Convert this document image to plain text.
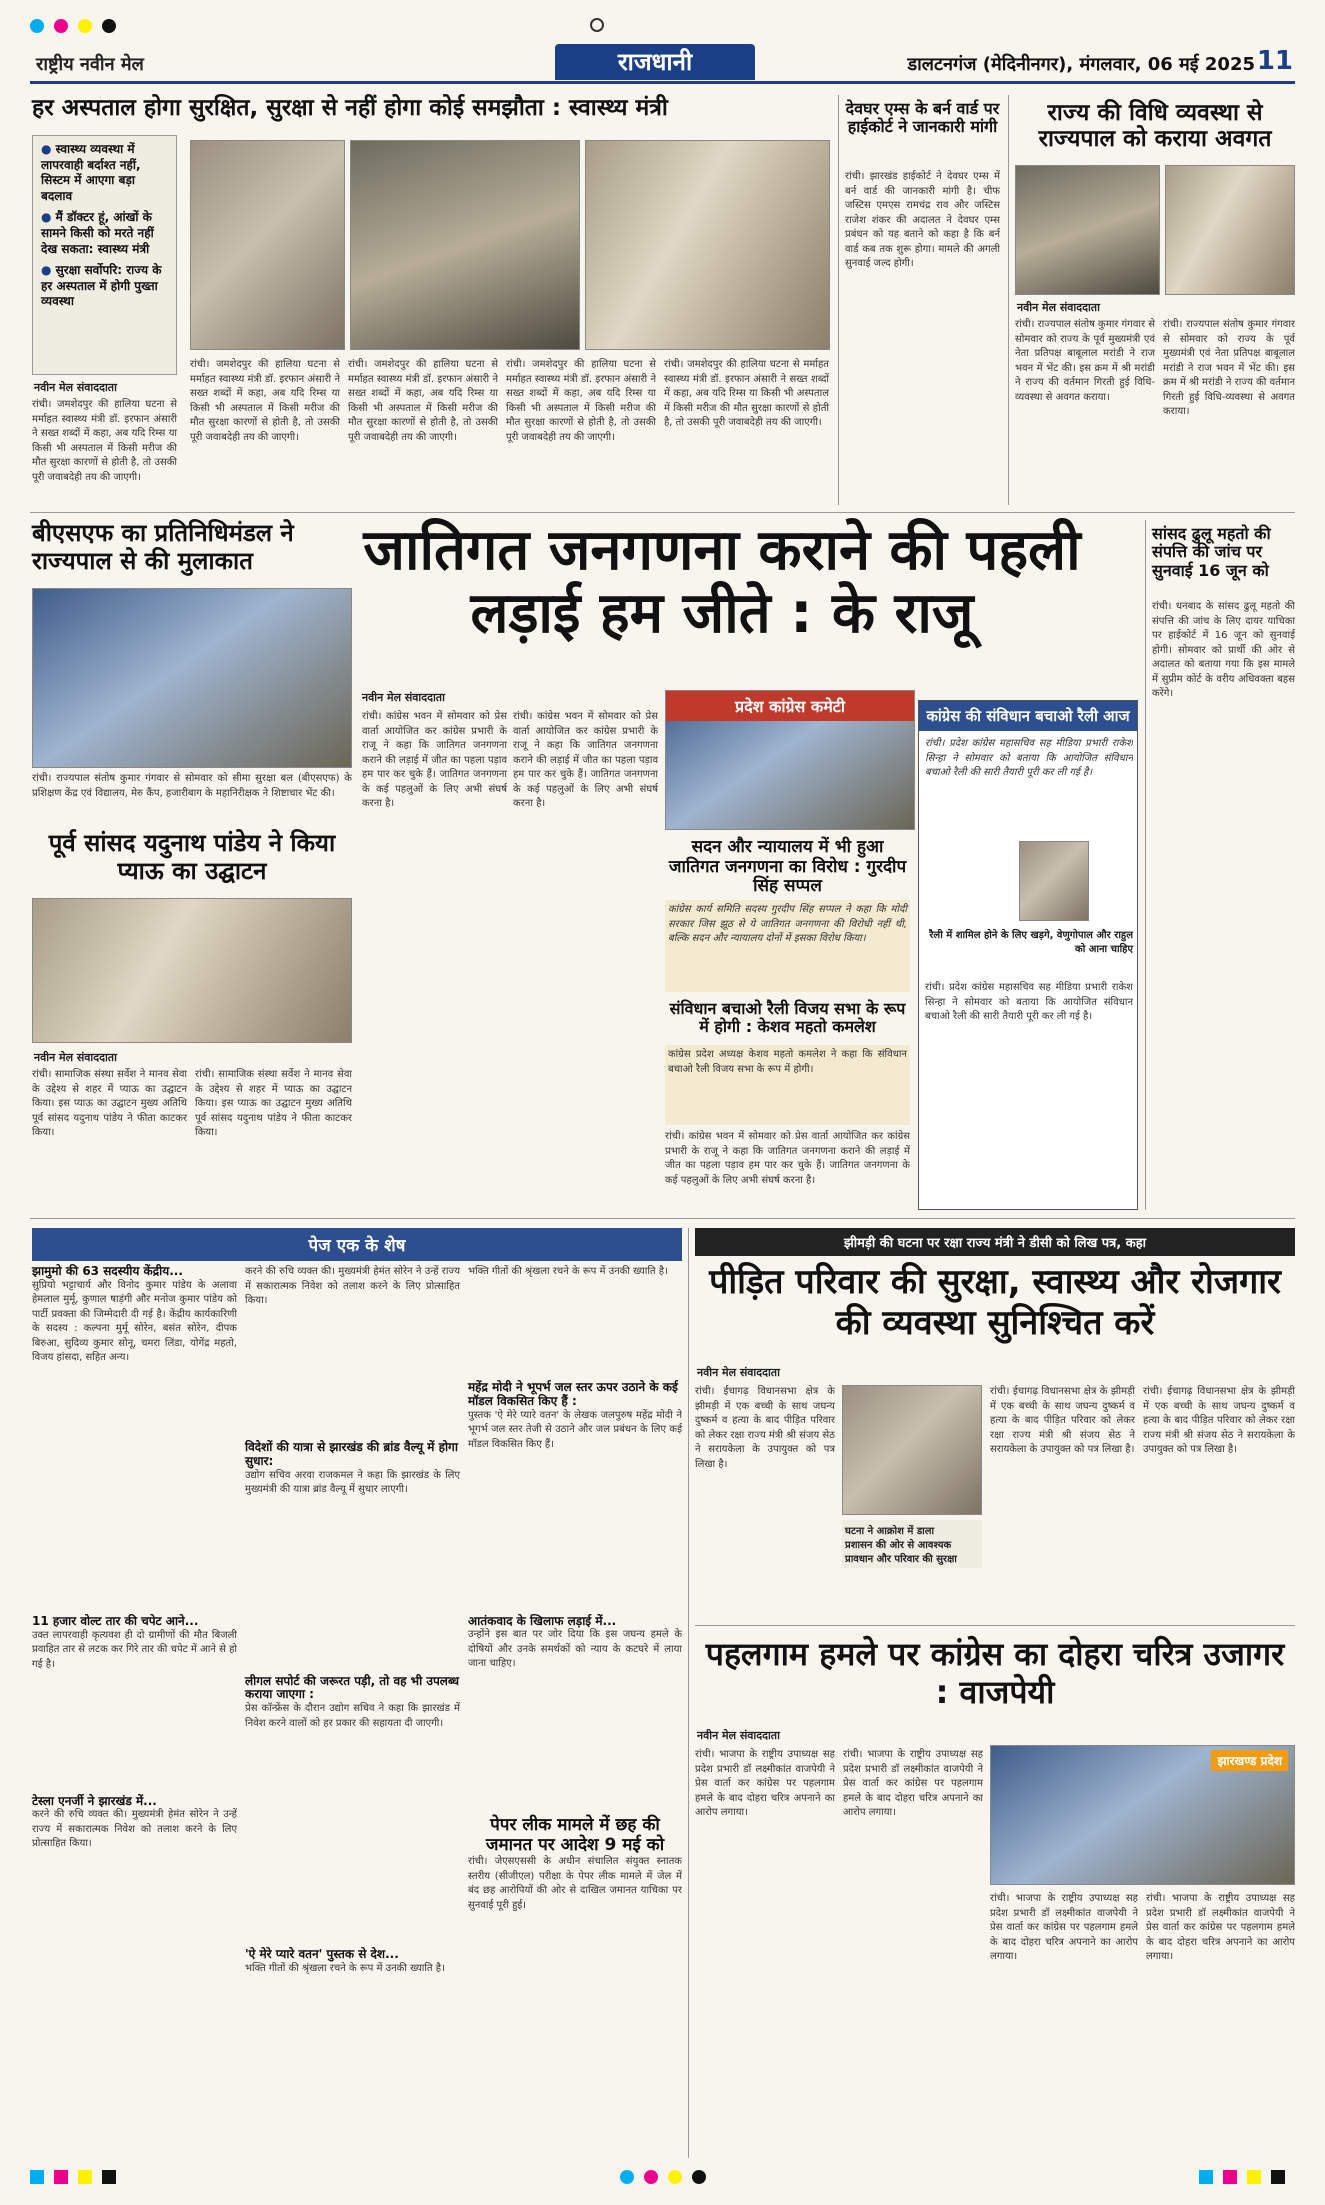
राष्ट्रीय नवीन मेल	राजधानी	डालटनगंज (मेदिनीनगर), मंगलवार, 06 मई 2025 11
हर अस्पताल होगा सुरक्षित, सुरक्षा से नहीं होगा कोई समझौता : स्वास्थ्य मंत्री
● स्वास्थ्य व्यवस्था में लापरवाही बर्दाश्त नहीं, सिस्टम में आएगा बड़ा बदलाव
● मैं डॉक्टर हूं, आंखों के सामने किसी को मरते नहीं देख सकता: स्वास्थ्य मंत्री
● सुरक्षा सर्वोपरि: राज्य के हर अस्पताल में होगी पुख्ता व्यवस्था
नवीन मेल संवाददाता
रांची। जमशेदपुर की हालिया घटना से मर्माहत स्वास्थ्य मंत्री डॉ. इरफान अंसारी ने सख्त शब्दों में कहा, अब यदि रिम्स या किसी भी अस्पताल में किसी मरीज की मौत सुरक्षा कारणों से होती है, तो उसकी पूरी जवाबदेही तय की जाएगी।
रांची। जमशेदपुर की हालिया घटना से मर्माहत स्वास्थ्य मंत्री डॉ. इरफान अंसारी ने सख्त शब्दों में कहा, अब यदि रिम्स या किसी भी अस्पताल में किसी मरीज की मौत सुरक्षा कारणों से होती है, तो उसकी पूरी जवाबदेही तय की जाएगी।
रांची। जमशेदपुर की हालिया घटना से मर्माहत स्वास्थ्य मंत्री डॉ. इरफान अंसारी ने सख्त शब्दों में कहा, अब यदि रिम्स या किसी भी अस्पताल में किसी मरीज की मौत सुरक्षा कारणों से होती है, तो उसकी पूरी जवाबदेही तय की जाएगी।
रांची। जमशेदपुर की हालिया घटना से मर्माहत स्वास्थ्य मंत्री डॉ. इरफान अंसारी ने सख्त शब्दों में कहा, अब यदि रिम्स या किसी भी अस्पताल में किसी मरीज की मौत सुरक्षा कारणों से होती है, तो उसकी पूरी जवाबदेही तय की जाएगी।
रांची। जमशेदपुर की हालिया घटना से मर्माहत स्वास्थ्य मंत्री डॉ. इरफान अंसारी ने सख्त शब्दों में कहा, अब यदि रिम्स या किसी भी अस्पताल में किसी मरीज की मौत सुरक्षा कारणों से होती है, तो उसकी पूरी जवाबदेही तय की जाएगी।
देवघर एम्स के बर्न वार्ड पर हाईकोर्ट ने जानकारी मांगी
रांची। झारखंड हाईकोर्ट ने देवघर एम्स में बर्न वार्ड की जानकारी मांगी है। चीफ जस्टिस एमएस रामचंद्र राव और जस्टिस राजेश शंकर की अदालत ने देवघर एम्स प्रबंधन को यह बताने को कहा है कि बर्न वार्ड कब तक शुरू होगा। मामले की अगली सुनवाई जल्द होगी।
राज्य की विधि व्यवस्था से राज्यपाल को कराया अवगत
नवीन मेल संवाददाता
रांची। राज्यपाल संतोष कुमार गंगवार से सोमवार को राज्य के पूर्व मुख्यमंत्री एवं नेता प्रतिपक्ष बाबूलाल मरांडी ने राज भवन में भेंट की। इस क्रम में श्री मरांडी ने राज्य की वर्तमान गिरती हुई विधि-व्यवस्था से अवगत कराया।
रांची। राज्यपाल संतोष कुमार गंगवार से सोमवार को राज्य के पूर्व मुख्यमंत्री एवं नेता प्रतिपक्ष बाबूलाल मरांडी ने राज भवन में भेंट की। इस क्रम में श्री मरांडी ने राज्य की वर्तमान गिरती हुई विधि-व्यवस्था से अवगत कराया।
बीएसएफ का प्रतिनिधिमंडल ने राज्यपाल से की मुलाकात
रांची। राज्यपाल संतोष कुमार गंगवार से सोमवार को सीमा सुरक्षा बल (बीएसएफ) के प्रशिक्षण केंद्र एवं विद्यालय, मेरु कैंप, हजारीबाग के महानिरीक्षक ने शिष्टाचार भेंट की।
जातिगत जनगणना कराने की पहली लड़ाई हम जीते : के राजू
नवीन मेल संवाददाता
रांची। कांग्रेस भवन में सोमवार को प्रेस वार्ता आयोजित कर कांग्रेस प्रभारी के राजू ने कहा कि जातिगत जनगणना कराने की लड़ाई में जीत का पहला पड़ाव हम पार कर चुके हैं। जातिगत जनगणना के कई पहलुओं के लिए अभी संघर्ष करना है।
रांची। कांग्रेस भवन में सोमवार को प्रेस वार्ता आयोजित कर कांग्रेस प्रभारी के राजू ने कहा कि जातिगत जनगणना कराने की लड़ाई में जीत का पहला पड़ाव हम पार कर चुके हैं। जातिगत जनगणना के कई पहलुओं के लिए अभी संघर्ष करना है।
प्रदेश कांग्रेस कमेटी
सदन और न्यायालय में भी हुआ जातिगत जनगणना का विरोध : गुरदीप सिंह सप्पल
कांग्रेस कार्य समिति सदस्य गुरदीप सिंह सप्पल ने कहा कि मोदी सरकार जिस झूठ से ये जातिगत जनगणना की विरोधी नहीं थी, बल्कि सदन और न्यायालय दोनों में इसका विरोध किया।
संविधान बचाओ रैली विजय सभा के रूप में होगी : केशव महतो कमलेश
कांग्रेस प्रदेश अध्यक्ष केशव महतो कमलेश ने कहा कि संविधान बचाओ रैली विजय सभा के रूप में होगी।
रांची। कांग्रेस भवन में सोमवार को प्रेस वार्ता आयोजित कर कांग्रेस प्रभारी के राजू ने कहा कि जातिगत जनगणना कराने की लड़ाई में जीत का पहला पड़ाव हम पार कर चुके हैं। जातिगत जनगणना के कई पहलुओं के लिए अभी संघर्ष करना है।
पूर्व सांसद यदुनाथ पांडेय ने किया प्याऊ का उद्घाटन
नवीन मेल संवाददाता
रांची। सामाजिक संस्था सर्वेश ने मानव सेवा के उद्देश्य से शहर में प्याऊ का उद्घाटन किया। इस प्याऊ का उद्घाटन मुख्य अतिथि पूर्व सांसद यदुनाथ पांडेय ने फीता काटकर किया।
रांची। सामाजिक संस्था सर्वेश ने मानव सेवा के उद्देश्य से शहर में प्याऊ का उद्घाटन किया। इस प्याऊ का उद्घाटन मुख्य अतिथि पूर्व सांसद यदुनाथ पांडेय ने फीता काटकर किया।
कांग्रेस की संविधान बचाओ रैली आज
रांची। प्रदेश कांग्रेस महासचिव सह मीडिया प्रभारी राकेश सिन्हा ने सोमवार को बताया कि आयोजित संविधान बचाओ रैली की सारी तैयारी पूरी कर ली गई है।
रैली में शामिल होने के लिए खड़गे, वेणुगोपाल और राहुल को आना चाहिए
रांची। प्रदेश कांग्रेस महासचिव सह मीडिया प्रभारी राकेश सिन्हा ने सोमवार को बताया कि आयोजित संविधान बचाओ रैली की सारी तैयारी पूरी कर ली गई है।
सांसद ढुलू महतो की संपत्ति की जांच पर सुनवाई 16 जून को
रांची। धनबाद के सांसद ढुलू महतो की संपत्ति की जांच के लिए दायर याचिका पर हाईकोर्ट में 16 जून को सुनवाई होगी। सोमवार को प्रार्थी की ओर से अदालत को बताया गया कि इस मामले में सुप्रीम कोर्ट के वरीय अधिवक्ता बहस करेंगे।
पेज एक के शेष
झामुमो की 63 सदस्यीय केंद्रीय...
सुप्रियो भट्टाचार्य और विनोद कुमार पांडेय के अलावा हेमलाल मुर्मू, कुणाल षाड़ंगी और मनोज कुमार पांडेय को पार्टी प्रवक्ता की जिम्मेदारी दी गई है। केंद्रीय कार्यकारिणी के सदस्य : कल्पना मुर्मू सोरेन, बसंत सोरेन, दीपक बिरुआ, सुदिव्य कुमार सोनू, चमरा लिंडा, योगेंद्र महतो, विजय हांसदा, सहित अन्य।
11 हजार वोल्ट तार की चपेट आने...
उक्त लापरवाही कृत्यवश ही दो ग्रामीणों की मौत बिजली प्रवाहित तार से लटक कर गिरे तार की चपेट में आने से हो गई है।
टेस्ला एनर्जी ने झारखंड में...
करने की रुचि व्यक्त की। मुख्यमंत्री हेमंत सोरेन ने उन्हें राज्य में सकारात्मक निवेश को तलाश करने के लिए प्रोत्साहित किया।
करने की रुचि व्यक्त की। मुख्यमंत्री हेमंत सोरेन ने उन्हें राज्य में सकारात्मक निवेश को तलाश करने के लिए प्रोत्साहित किया।
विदेशों की यात्रा से झारखंड की ब्रांड वैल्यू में होगा सुधार:
उद्योग सचिव अरवा राजकमल ने कहा कि झारखंड के लिए मुख्यमंत्री की यात्रा ब्रांड वैल्यू में सुधार लाएगी।
लीगल सपोर्ट की जरूरत पड़ी, तो वह भी उपलब्ध कराया जाएगा :
प्रेस कॉन्फ्रेंस के दौरान उद्योग सचिव ने कहा कि झारखंड में निवेश करने वालों को हर प्रकार की सहायता दी जाएगी।
'ऐ मेरे प्यारे वतन' पुस्तक से देश...
भक्ति गीतों की श्रृंखला रचने के रूप में उनकी ख्याति है।
भक्ति गीतों की श्रृंखला रचने के रूप में उनकी ख्याति है।
महेंद्र मोदी ने भूपर्भ जल स्तर ऊपर उठाने के कई मॉडल विकसित किए हैं :
पुस्तक 'ऐ मेरे प्यारे वतन' के लेखक जलपुरुष महेंद्र मोदी ने भूगर्भ जल स्तर तेजी से उठाने और जल प्रबंधन के लिए कई मॉडल विकसित किए हैं।
आतंकवाद के खिलाफ लड़ाई में...
उन्होंने इस बात पर जोर दिया कि इस जघन्य हमले के दोषियों और उनके समर्थकों को न्याय के कटघरे में लाया जाना चाहिए।
पेपर लीक मामले में छह की जमानत पर आदेश 9 मई को
रांची। जेएसएससी के अधीन संचालित संयुक्त स्नातक स्तरीय (सीजीएल) परीक्षा के पेपर लीक मामले में जेल में बंद छह आरोपियों की ओर से दाखिल जमानत याचिका पर सुनवाई पूरी हुई।
झीमड़ी की घटना पर रक्षा राज्य मंत्री ने डीसी को लिख पत्र, कहा
पीड़ित परिवार की सुरक्षा, स्वास्थ्य और रोजगार की व्यवस्था सुनिश्चित करें
नवीन मेल संवाददाता
रांची। ईचागढ़ विधानसभा क्षेत्र के झीमड़ी में एक बच्ची के साथ जघन्य दुष्कर्म व हत्या के बाद पीड़ित परिवार को लेकर रक्षा राज्य मंत्री श्री संजय सेठ ने सरायकेला के उपायुक्त को पत्र लिखा है।
घटना ने आक्रोश में डाला
प्रशासन की ओर से आवश्यक प्रावधान और परिवार की सुरक्षा
रांची। ईचागढ़ विधानसभा क्षेत्र के झीमड़ी में एक बच्ची के साथ जघन्य दुष्कर्म व हत्या के बाद पीड़ित परिवार को लेकर रक्षा राज्य मंत्री श्री संजय सेठ ने सरायकेला के उपायुक्त को पत्र लिखा है।
रांची। ईचागढ़ विधानसभा क्षेत्र के झीमड़ी में एक बच्ची के साथ जघन्य दुष्कर्म व हत्या के बाद पीड़ित परिवार को लेकर रक्षा राज्य मंत्री श्री संजय सेठ ने सरायकेला के उपायुक्त को पत्र लिखा है।
पहलगाम हमले पर कांग्रेस का दोहरा चरित्र उजागर : वाजपेयी
नवीन मेल संवाददाता
रांची। भाजपा के राष्ट्रीय उपाध्यक्ष सह प्रदेश प्रभारी डॉ लक्ष्मीकांत वाजपेयी ने प्रेस वार्ता कर कांग्रेस पर पहलगाम हमले के बाद दोहरा चरित्र अपनाने का आरोप लगाया।
रांची। भाजपा के राष्ट्रीय उपाध्यक्ष सह प्रदेश प्रभारी डॉ लक्ष्मीकांत वाजपेयी ने प्रेस वार्ता कर कांग्रेस पर पहलगाम हमले के बाद दोहरा चरित्र अपनाने का आरोप लगाया।
झारखण्ड प्रदेश
रांची। भाजपा के राष्ट्रीय उपाध्यक्ष सह प्रदेश प्रभारी डॉ लक्ष्मीकांत वाजपेयी ने प्रेस वार्ता कर कांग्रेस पर पहलगाम हमले के बाद दोहरा चरित्र अपनाने का आरोप लगाया।
रांची। भाजपा के राष्ट्रीय उपाध्यक्ष सह प्रदेश प्रभारी डॉ लक्ष्मीकांत वाजपेयी ने प्रेस वार्ता कर कांग्रेस पर पहलगाम हमले के बाद दोहरा चरित्र अपनाने का आरोप लगाया।
